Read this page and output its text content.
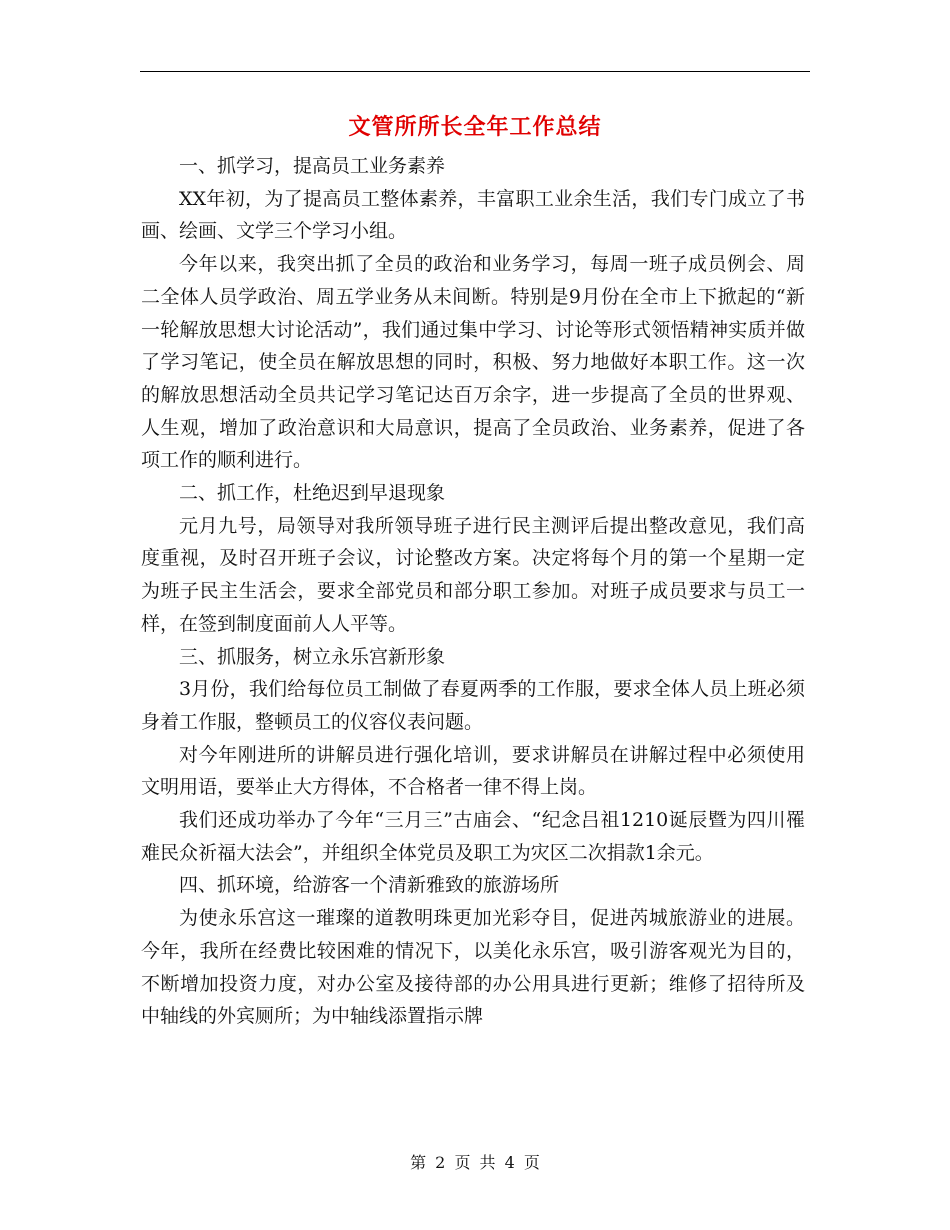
文管所所长全年工作总结

一、抓学习，提高员工业务素养

XX年初，为了提高员工整体素养，丰富职工业余生活，我们专门成立了书画、绘画、文学三个学习小组。

今年以来，我突出抓了全员的政治和业务学习，每周一班子成员例会、周二全体人员学政治、周五学业务从未间断。特别是9月份在全市上下掀起的“新一轮解放思想大讨论活动”，我们通过集中学习、讨论等形式领悟精神实质并做了学习笔记，使全员在解放思想的同时，积极、努力地做好本职工作。这一次的解放思想活动全员共记学习笔记达百万余字，进一步提高了全员的世界观、人生观，增加了政治意识和大局意识，提高了全员政治、业务素养，促进了各项工作的顺利进行。

二、抓工作，杜绝迟到早退现象

元月九号，局领导对我所领导班子进行民主测评后提出整改意见，我们高度重视，及时召开班子会议，讨论整改方案。决定将每个月的第一个星期一定为班子民主生活会，要求全部党员和部分职工参加。对班子成员要求与员工一样，在签到制度面前人人平等。

三、抓服务，树立永乐宫新形象

3月份，我们给每位员工制做了春夏两季的工作服，要求全体人员上班必须身着工作服，整顿员工的仪容仪表问题。

对今年刚进所的讲解员进行强化培训，要求讲解员在讲解过程中必须使用文明用语，要举止大方得体，不合格者一律不得上岗。

我们还成功举办了今年“三月三”古庙会、“纪念吕祖1210诞辰暨为四川罹难民众祈福大法会”，并组织全体党员及职工为灾区二次捐款1余元。

四、抓环境，给游客一个清新雅致的旅游场所

为使永乐宫这一璀璨的道教明珠更加光彩夺目，促进芮城旅游业的进展。今年，我所在经费比较困难的情况下，以美化永乐宫，吸引游客观光为目的，不断增加投资力度，对办公室及接待部的办公用具进行更新；维修了招待所及中轴线的外宾厕所；为中轴线添置指示牌

第 2 页 共 4 页
